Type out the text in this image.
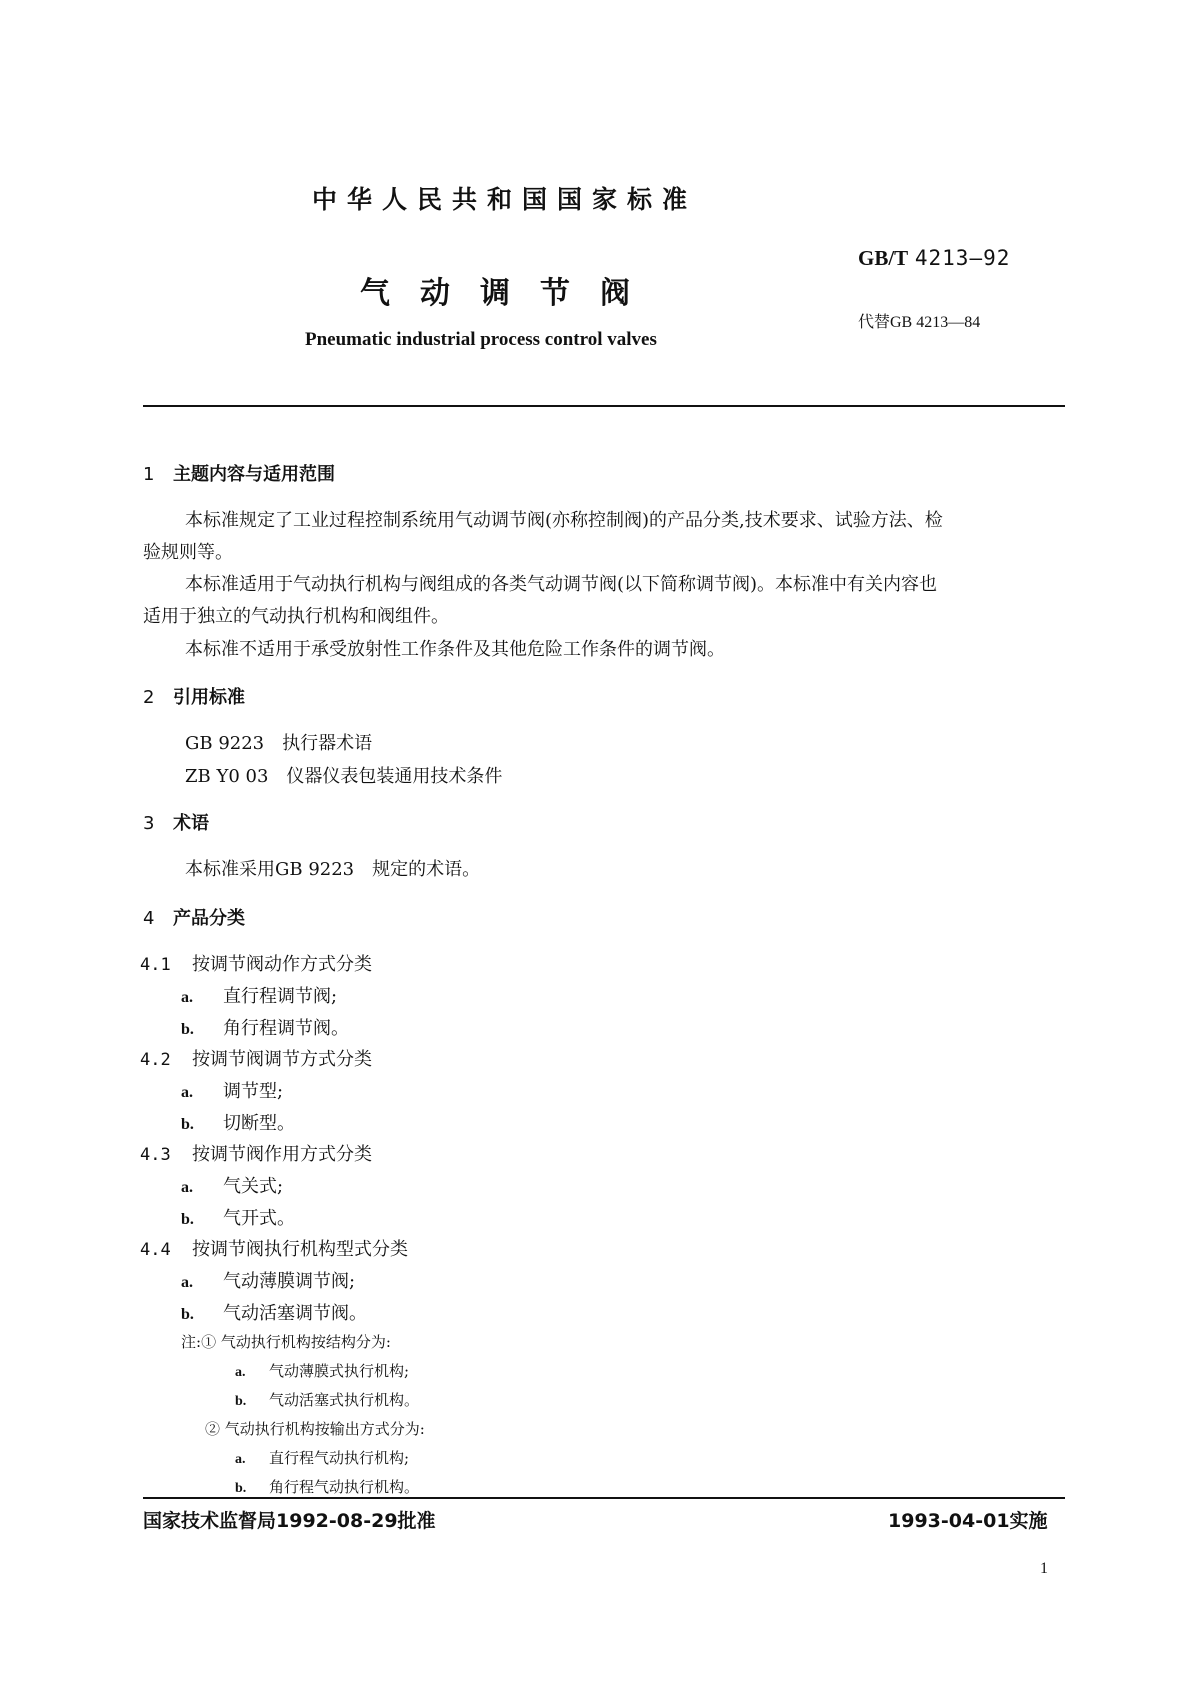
中华人民共和国国家标准
GB/T 4213—92
气动调节阀
代替GB 4213—84
Pneumatic industrial process control valves
1 主题内容与适用范围
本标准规定了工业过程控制系统用气动调节阀(亦称控制阀)的产品分类,技术要求、试验方法、检
验规则等。
本标准适用于气动执行机构与阀组成的各类气动调节阀(以下简称调节阀)。本标准中有关内容也
适用于独立的气动执行机构和阀组件。
本标准不适用于承受放射性工作条件及其他危险工作条件的调节阀。
2 引用标准
GB 9223　执行器术语
ZB Y0 03　仪器仪表包装通用技术条件
3 术语
本标准采用GB 9223　规定的术语。
4 产品分类
4.1 按调节阀动作方式分类
a. 直行程调节阀;
b. 角行程调节阀。
4.2 按调节阀调节方式分类
a. 调节型;
b. 切断型。
4.3 按调节阀作用方式分类
a. 气关式;
b. 气开式。
4.4 按调节阀执行机构型式分类
a. 气动薄膜调节阀;
b. 气动活塞调节阀。
注:① 气动执行机构按结构分为:
a. 气动薄膜式执行机构;
b. 气动活塞式执行机构。
② 气动执行机构按输出方式分为:
a. 直行程气动执行机构;
b. 角行程气动执行机构。
国家技术监督局1992-08-29批准	1993-04-01实施
1
